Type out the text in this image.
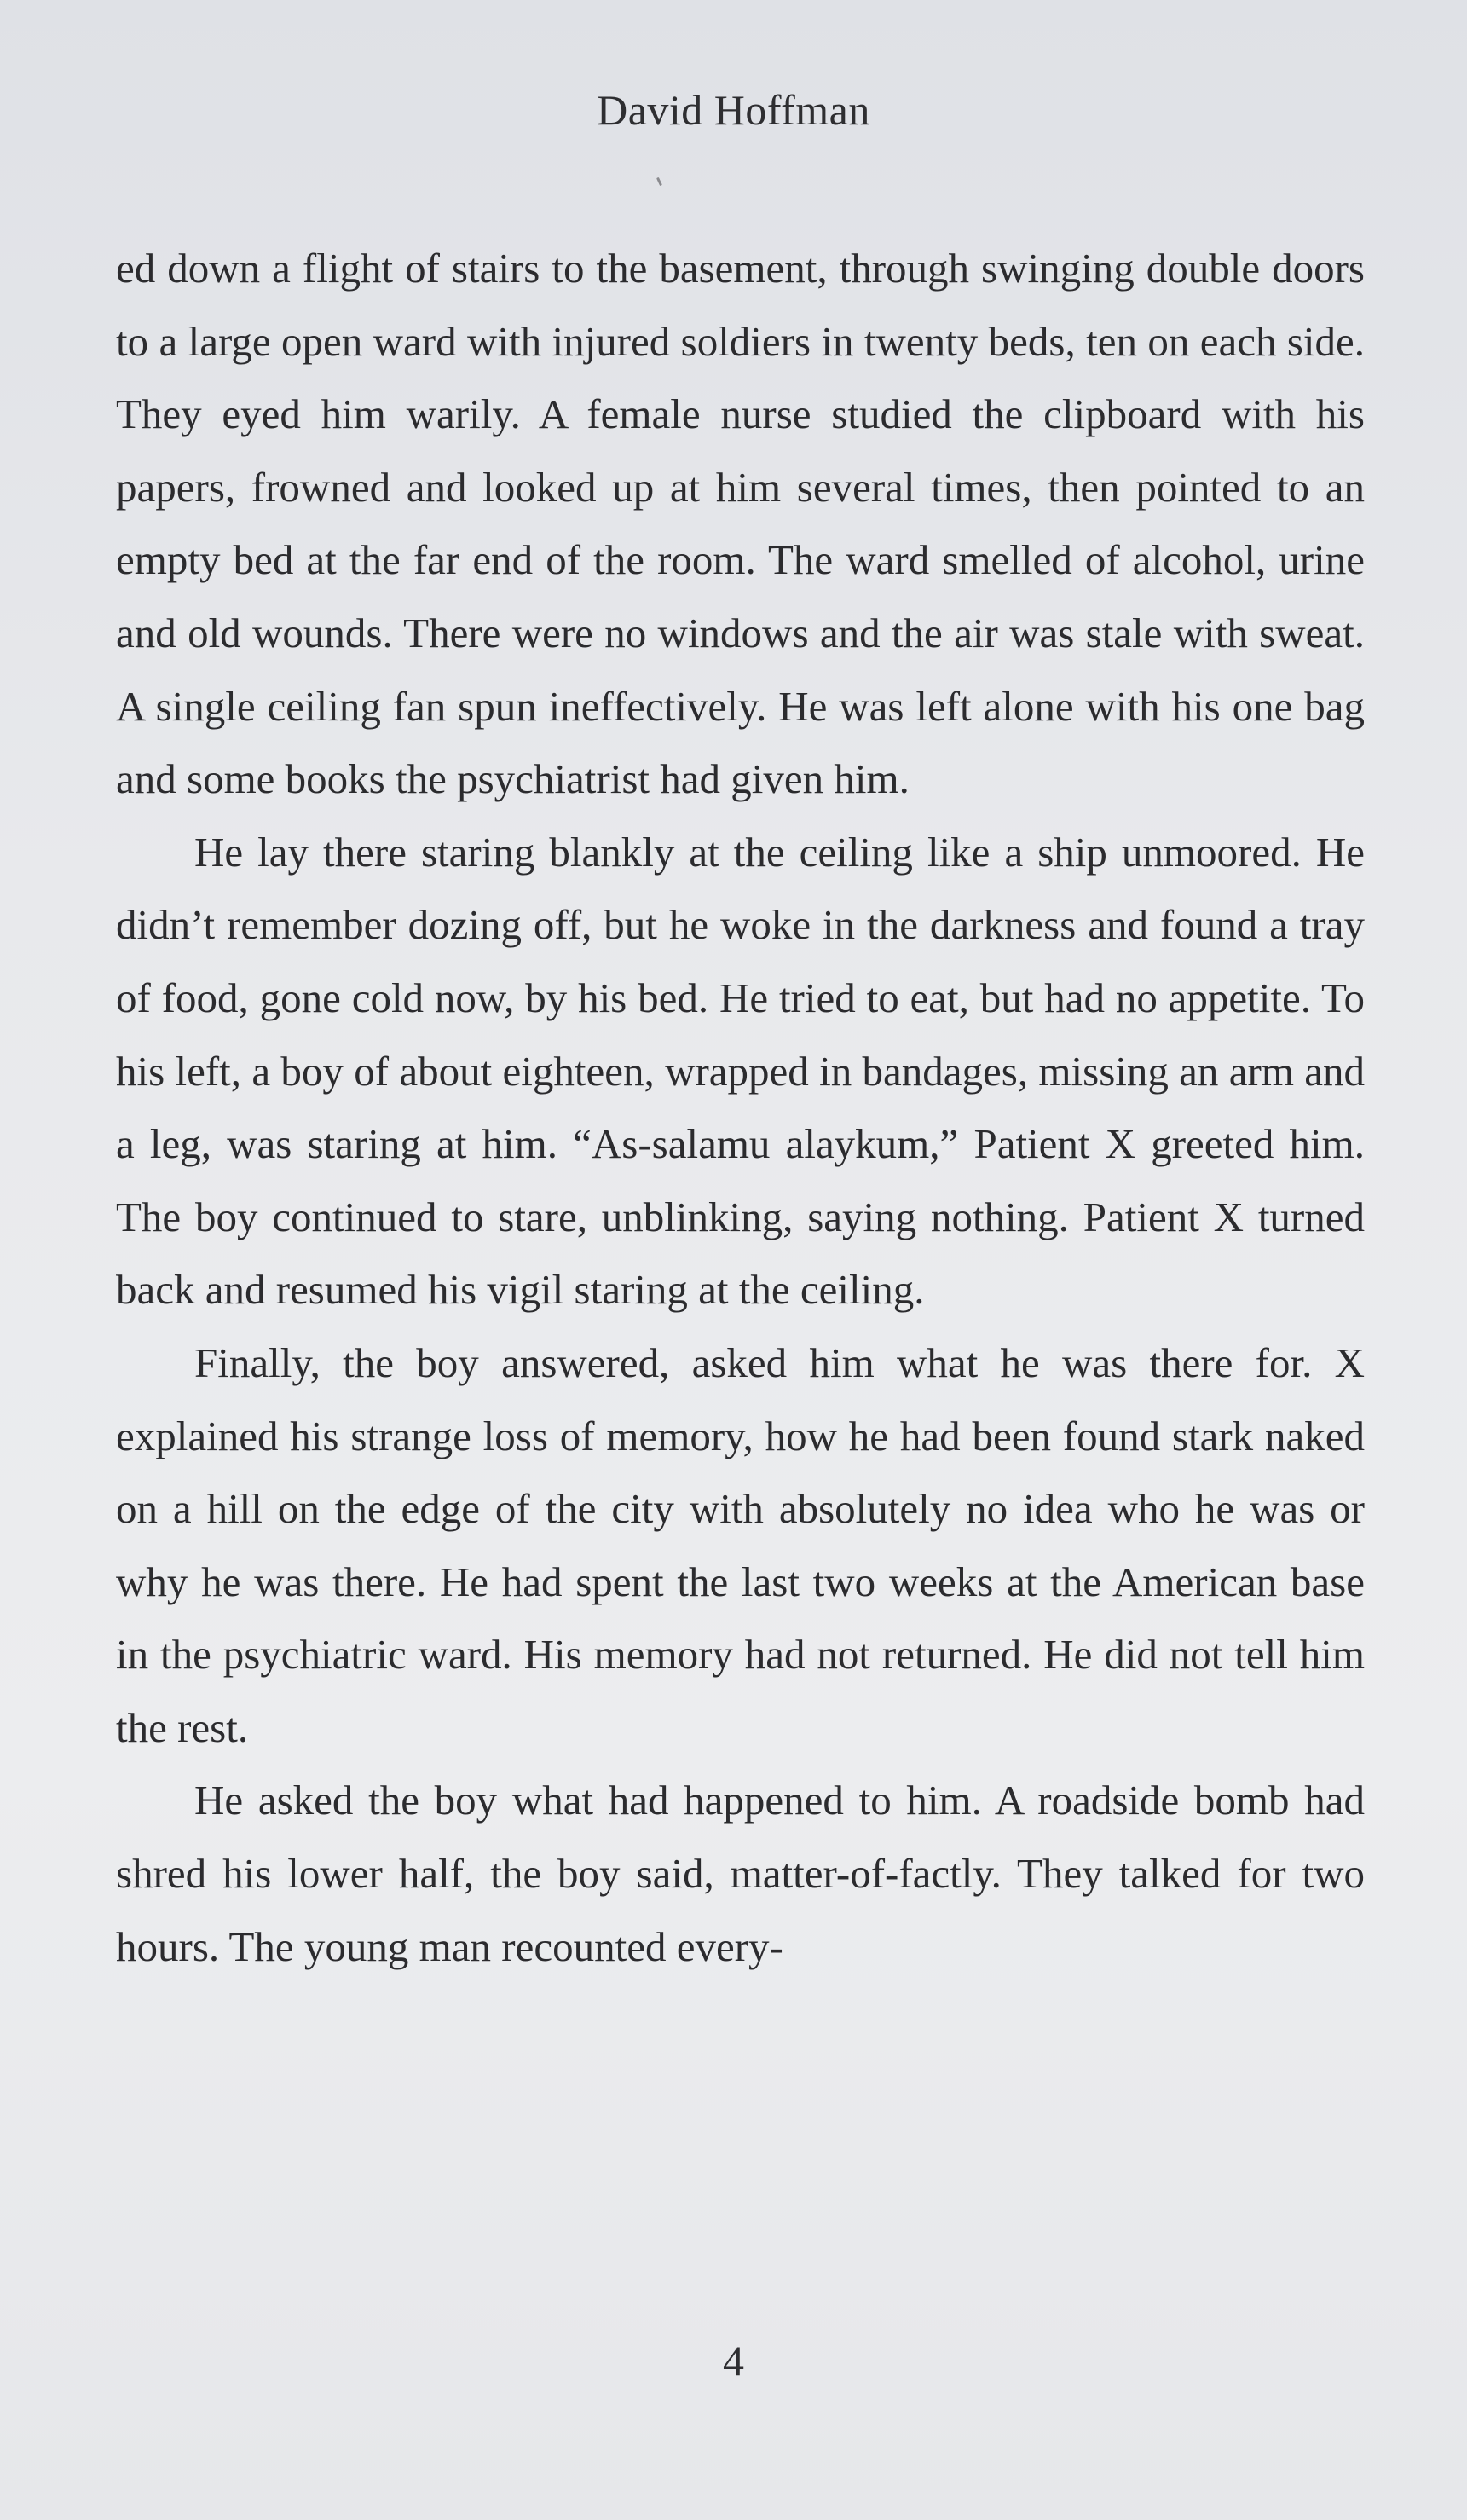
David Hoffman

ed down a flight of stairs to the basement, through swinging double doors to a large open ward with injured soldiers in twenty beds, ten on each side. They eyed him warily. A female nurse studied the clipboard with his papers, frowned and looked up at him several times, then pointed to an empty bed at the far end of the room. The ward smelled of alcohol, urine and old wounds. There were no windows and the air was stale with sweat. A single ceiling fan spun ineffectively. He was left alone with his one bag and some books the psychiatrist had given him.

He lay there staring blankly at the ceiling like a ship unmoored. He didn’t remember dozing off, but he woke in the darkness and found a tray of food, gone cold now, by his bed. He tried to eat, but had no appetite. To his left, a boy of about eighteen, wrapped in bandages, missing an arm and a leg, was staring at him. “As-salamu alaykum,” Patient X greeted him. The boy continued to stare, unblinking, saying nothing. Patient X turned back and resumed his vigil staring at the ceiling.

Finally, the boy answered, asked him what he was there for. X explained his strange loss of memory, how he had been found stark naked on a hill on the edge of the city with absolutely no idea who he was or why he was there. He had spent the last two weeks at the American base in the psychiatric ward. His memory had not returned. He did not tell him the rest.

He asked the boy what had happened to him. A roadside bomb had shred his lower half, the boy said, matter-of-factly. They talked for two hours. The young man recounted every-

4
